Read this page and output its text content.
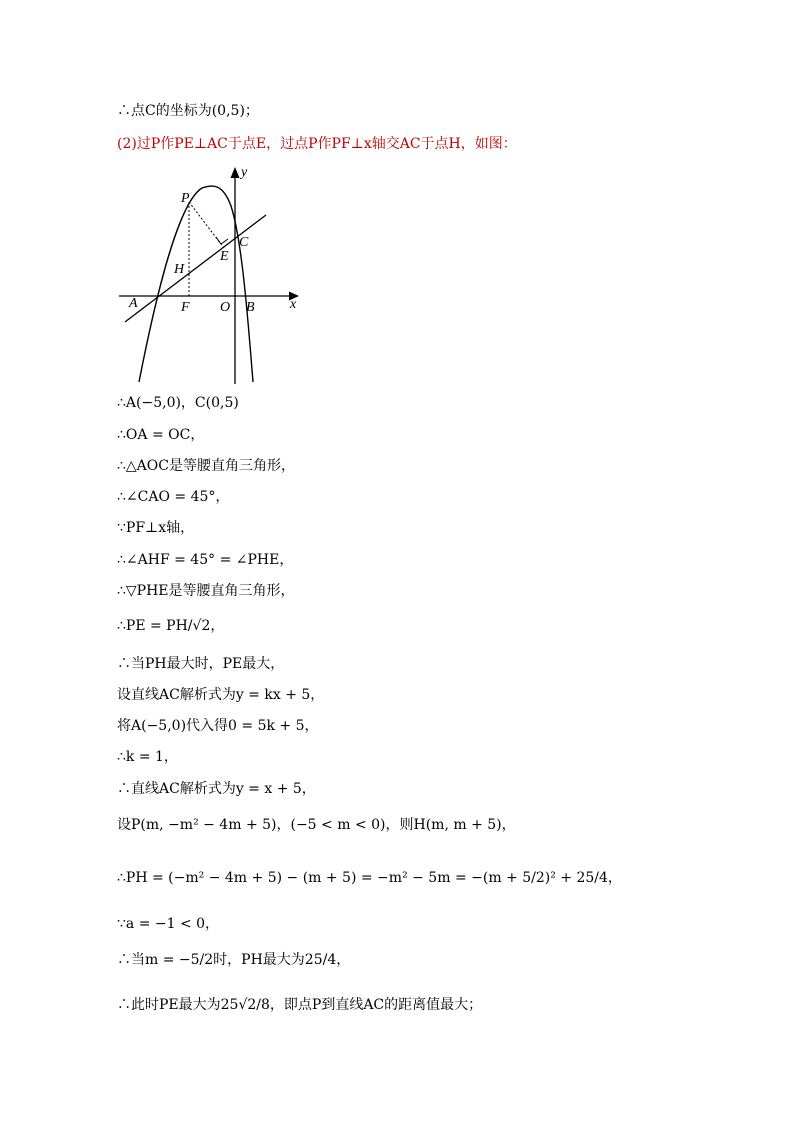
∴点C的坐标为(0,5)；
(2)过P作PE⊥AC于点E，过点P作PF⊥x轴交AC于点H，如图：
P
C
E
H
A	F O B	x
y
∴A(−5,0)，C(0,5)
∴OA = OC，
∴△AOC是等腰直角三角形，
∴∠CAO = 45°，
∵PF⊥x轴，
∴∠AHF = 45° = ∠PHE，
∴▽PHE是等腰直角三角形，
∴PE = PH/√2，
∴当PH最大时，PE最大，
设直线AC解析式为y = kx + 5，
将A(−5,0)代入得0 = 5k + 5，
∴k = 1，
∴直线AC解析式为y = x + 5，
设P(m, −m² − 4m + 5)，(−5 < m < 0)，则H(m, m + 5)，
∴PH = (−m² − 4m + 5) − (m + 5) = −m² − 5m = −(m + 5/2)² + 25/4，
∵a = −1 < 0，
∴当m = −5/2时，PH最大为25/4，
∴此时PE最大为25√2/8，即点P到直线AC的距离值最大；
